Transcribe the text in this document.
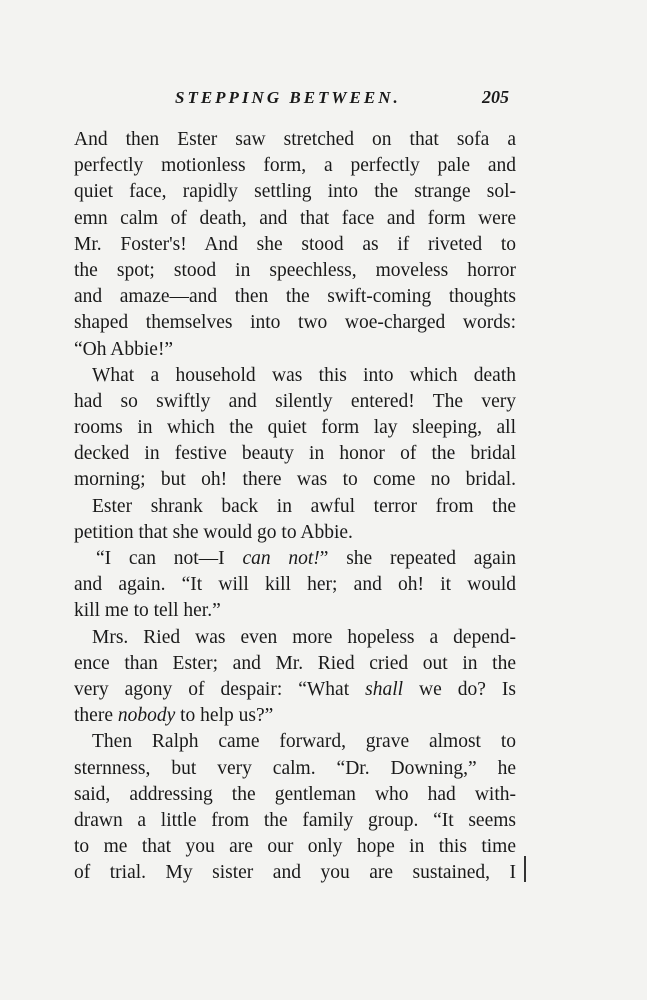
STEPPING BETWEEN.	205
And then Ester saw stretched on that sofa a
perfectly motionless form, a perfectly pale and
quiet face, rapidly settling into the strange sol-
emn calm of death, and that face and form were
Mr. Foster's! And she stood as if riveted to
the spot; stood in speechless, moveless horror
and amaze—and then the swift-coming thoughts
shaped themselves into two woe-charged words:
“Oh Abbie!”
What a household was this into which death
had so swiftly and silently entered! The very
rooms in which the quiet form lay sleeping, all
decked in festive beauty in honor of the bridal
morning; but oh! there was to come no bridal.
Ester shrank back in awful terror from the
petition that she would go to Abbie.
“I can not—I can not!” she repeated again
and again. “It will kill her; and oh! it would
kill me to tell her.”
Mrs. Ried was even more hopeless a depend-
ence than Ester; and Mr. Ried cried out in the
very agony of despair: “What shall we do? Is
there nobody to help us?”
Then Ralph came forward, grave almost to
sternness, but very calm. “Dr. Downing,” he
said, addressing the gentleman who had with-
drawn a little from the family group. “It seems
to me that you are our only hope in this time
of trial. My sister and you are sustained, I
